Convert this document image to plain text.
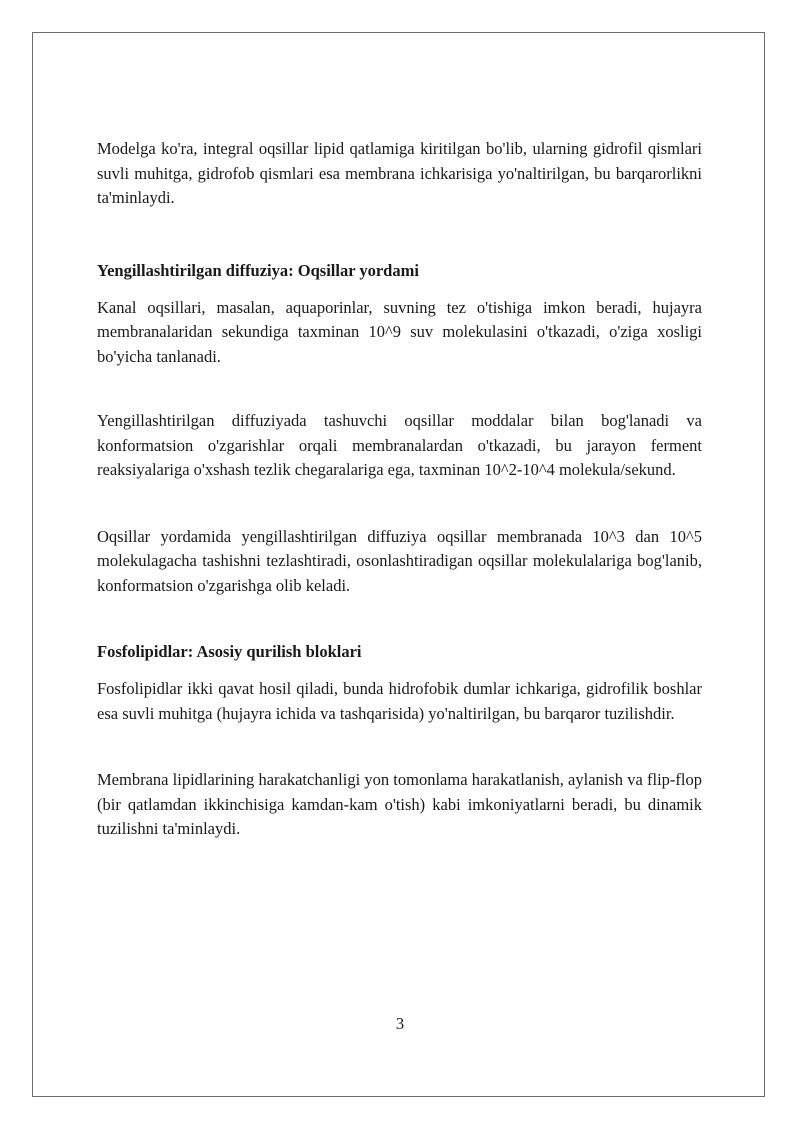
Modelga ko'ra, integral oqsillar lipid qatlamiga kiritilgan bo'lib, ularning gidrofil qismlari suvli muhitga, gidrofob qismlari esa membrana ichkarisiga yo'naltirilgan, bu barqarorlikni ta'minlaydi.

Yengillashtirilgan diffuziya: Oqsillar yordami

Kanal oqsillari, masalan, aquaporinlar, suvning tez o'tishiga imkon beradi, hujayra membranalaridan sekundiga taxminan 10^9 suv molekulasini o'tkazadi, o'ziga xosligi bo'yicha tanlanadi.

Yengillashtirilgan diffuziyada tashuvchi oqsillar moddalar bilan bog'lanadi va konformatsion o'zgarishlar orqali membranalardan o'tkazadi, bu jarayon ferment reaksiyalariga o'xshash tezlik chegaralariga ega, taxminan 10^2-10^4 molekula/sekund.

Oqsillar yordamida yengillashtirilgan diffuziya oqsillar membranada 10^3 dan 10^5 molekulagacha tashishni tezlashtiradi, osonlashtiradigan oqsillar molekulalariga bog'lanib, konformatsion o'zgarishga olib keladi.

Fosfolipidlar: Asosiy qurilish bloklari

Fosfolipidlar ikki qavat hosil qiladi, bunda hidrofobik dumlar ichkariga, gidrofilik boshlar esa suvli muhitga (hujayra ichida va tashqarisida) yo'naltirilgan, bu barqaror tuzilishdir.

Membrana lipidlarining harakatchanligi yon tomonlama harakatlanish, aylanish va flip-flop (bir qatlamdan ikkinchisiga kamdan-kam o'tish) kabi imkoniyatlarni beradi, bu dinamik tuzilishni ta'minlaydi.

3
